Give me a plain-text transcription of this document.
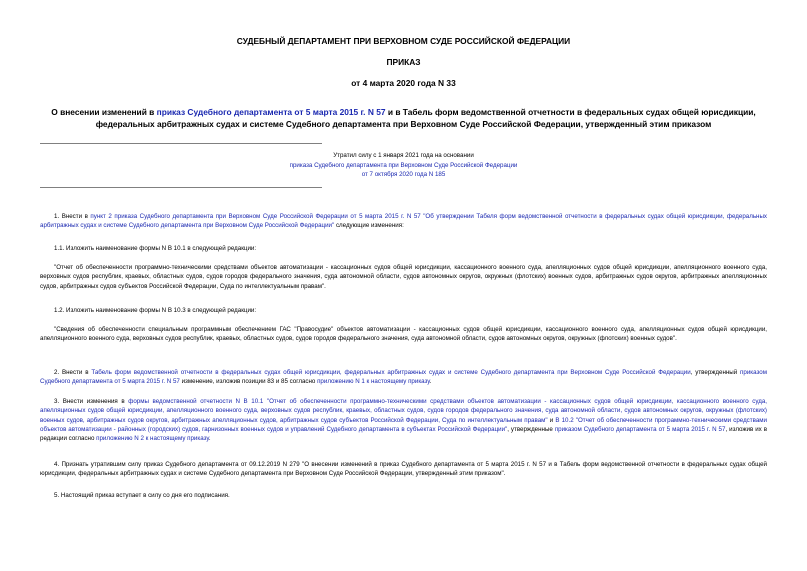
СУДЕБНЫЙ ДЕПАРТАМЕНТ ПРИ ВЕРХОВНОМ СУДЕ РОССИЙСКОЙ ФЕДЕРАЦИИ
ПРИКАЗ
от 4 марта 2020 года N 33
О внесении изменений в приказ Судебного департамента от 5 марта 2015 г. N 57 и в Табель форм ведомственной отчетности в федеральных судах общей юрисдикции, федеральных арбитражных судах и системе Судебного департамента при Верховном Суде Российской Федерации, утвержденный этим приказом
Утратил силу с 1 января 2021 года на основании
приказа Судебного департамента при Верховном Суде Российской Федерации
от 7 октября 2020 года N 185
1. Внести в пункт 2 приказа Судебного департамента при Верховном Суде Российской Федерации от 5 марта 2015 г. N 57 "Об утверждении Табеля форм ведомственной отчетности в федеральных судах общей юрисдикции, федеральных арбитражных судах и системе Судебного департамента при Верховном Суде Российской Федерации" следующие изменения:
1.1. Изложить наименование формы N В 10.1 в следующей редакции:
"Отчет об обеспеченности программно-техническими средствами объектов автоматизации - кассационных судов общей юрисдикции, кассационного военного суда, апелляционных судов общей юрисдикции, апелляционного военного суда, верховных судов республик, краевых, областных судов, судов городов федерального значения, суда автономной области, судов автономных округов, окружных (флотских) военных судов, арбитражных судов округов, арбитражных апелляционных судов, арбитражных судов субъектов Российской Федерации, Суда по интеллектуальным правам".
1.2. Изложить наименование формы N В 10.3 в следующей редакции:
"Сведения об обеспеченности специальным программным обеспечением ГАС "Правосудие" объектов автоматизации - кассационных судов общей юрисдикции, кассационного военного суда, апелляционных судов общей юрисдикции, апелляционного военного суда, верховных судов республик, краевых, областных судов, судов городов федерального значения, суда автономной области, судов автономных округов, окружных (флотских) военных судов".
2. Внести в Табель форм ведомственной отчетности в федеральных судах общей юрисдикции, федеральных арбитражных судах и системе Судебного департамента при Верховном Суде Российской Федерации, утвержденный приказом Судебного департамента от 5 марта 2015 г. N 57 изменение, изложив позиции 83 и 85 согласно приложению N 1 к настоящему приказу.
3. Внести изменения в формы ведомственной отчетности N В 10.1 "Отчет об обеспеченности программно-техническими средствами объектов автоматизации - кассационных судов общей юрисдикции, кассационного военного суда, апелляционных судов общей юрисдикции, апелляционного военного суда, верховных судов республик, краевых, областных судов, судов городов федерального значения, суда автономной области, судов автономных округов, окружных (флотских) военных судов, арбитражных судов округов, арбитражных апелляционных судов, арбитражных судов субъектов Российской Федерации, Суда по интеллектуальным правам" и В 10.2 "Отчет об обеспеченности программно-техническими средствами объектов автоматизации - районных (городских) судов, гарнизонных военных судов и управлений Судебного департамента в субъектах Российской Федерации", утвержденные приказом Судебного департамента от 5 марта 2015 г. N 57, изложив их в редакции согласно приложению N 2 к настоящему приказу.
4. Признать утратившим силу приказ Судебного департамента от 09.12.2019 N 279 "О внесении изменений в приказ Судебного департамента от 5 марта 2015 г. N 57 и в Табель форм ведомственной отчетности в федеральных судах общей юрисдикции, федеральных арбитражных судах и системе Судебного департамента при Верховном Суде Российской Федерации, утвержденный этим приказом".
5. Настоящий приказ вступает в силу со дня его подписания.
